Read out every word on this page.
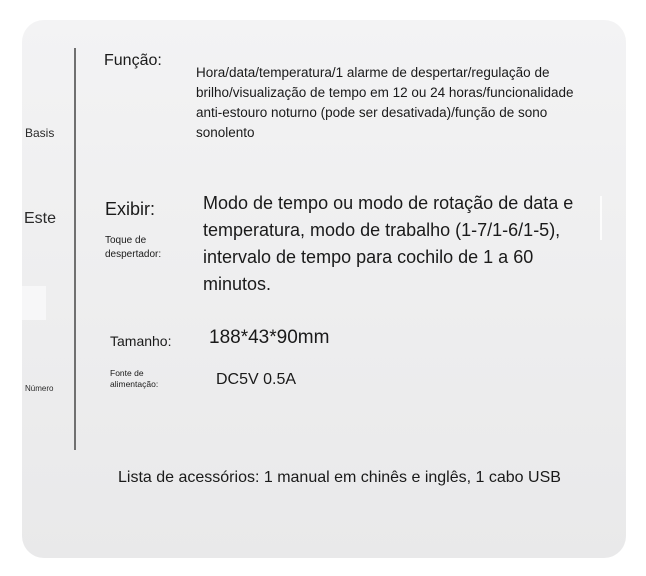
Basis
Este
Número
Função:
Hora/data/temperatura/1 alarme de despertar/regulação de brilho/visualização de tempo em 12 ou 24 horas/funcionalidade anti-estouro noturno (pode ser desativada)/função de sono sonolento
Exibir:
Toque de despertador:
Modo de tempo ou modo de rotação de data e temperatura, modo de trabalho (1-7/1-6/1-5), intervalo de tempo para cochilo de 1 a 60 minutos.
Tamanho: 188*43*90mm
Fonte de alimentação:	DC5V 0.5A
Lista de acessórios: 1 manual em chinês e inglês, 1 cabo USB
